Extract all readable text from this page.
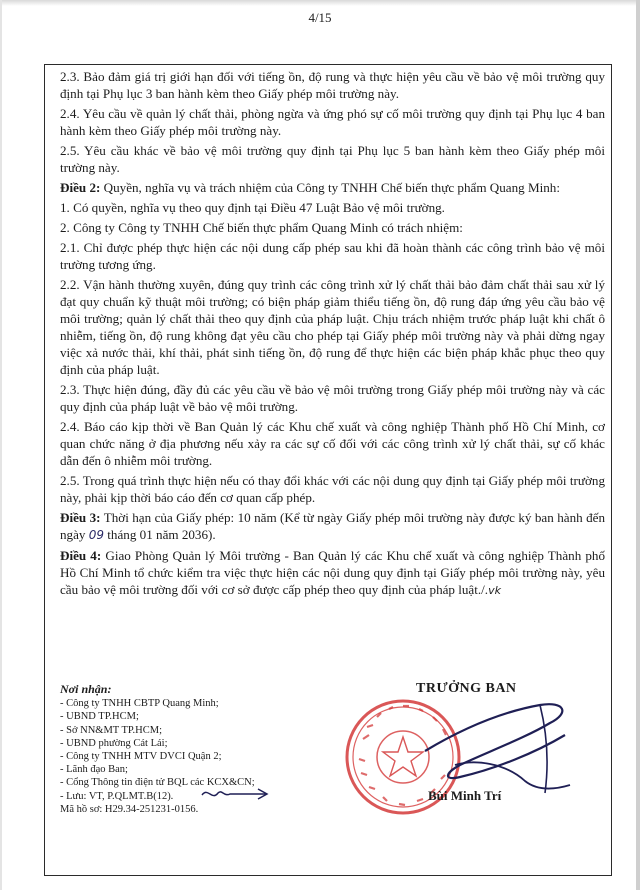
4/15

2.3. Bảo đảm giá trị giới hạn đối với tiếng ồn, độ rung và thực hiện yêu cầu về bảo vệ môi trường quy định tại Phụ lục 3 ban hành kèm theo Giấy phép môi trường này.

2.4. Yêu cầu về quản lý chất thải, phòng ngừa và ứng phó sự cố môi trường quy định tại Phụ lục 4 ban hành kèm theo Giấy phép môi trường này.

2.5. Yêu cầu khác về bảo vệ môi trường quy định tại Phụ lục 5 ban hành kèm theo Giấy phép môi trường này.

Điều 2: Quyền, nghĩa vụ và trách nhiệm của Công ty TNHH Chế biến thực phẩm Quang Minh:

1. Có quyền, nghĩa vụ theo quy định tại Điều 47 Luật Bảo vệ môi trường.

2. Công ty Công ty TNHH Chế biến thực phẩm Quang Minh có trách nhiệm:

2.1. Chỉ được phép thực hiện các nội dung cấp phép sau khi đã hoàn thành các công trình bảo vệ môi trường tương ứng.

2.2. Vận hành thường xuyên, đúng quy trình các công trình xử lý chất thải bảo đảm chất thải sau xử lý đạt quy chuẩn kỹ thuật môi trường; có biện pháp giảm thiểu tiếng ồn, độ rung đáp ứng yêu cầu bảo vệ môi trường; quản lý chất thải theo quy định của pháp luật. Chịu trách nhiệm trước pháp luật khi chất ô nhiễm, tiếng ồn, độ rung không đạt yêu cầu cho phép tại Giấy phép môi trường này và phải dừng ngay việc xả nước thải, khí thải, phát sinh tiếng ồn, độ rung để thực hiện các biện pháp khắc phục theo quy định của pháp luật.

2.3. Thực hiện đúng, đầy đủ các yêu cầu về bảo vệ môi trường trong Giấy phép môi trường này và các quy định của pháp luật về bảo vệ môi trường.

2.4. Báo cáo kịp thời về Ban Quản lý các Khu chế xuất và công nghiệp Thành phố Hồ Chí Minh, cơ quan chức năng ở địa phương nếu xảy ra các sự cố đối với các công trình xử lý chất thải, sự cố khác dẫn đến ô nhiễm môi trường.

2.5. Trong quá trình thực hiện nếu có thay đổi khác với các nội dung quy định tại Giấy phép môi trường này, phải kịp thời báo cáo đến cơ quan cấp phép.

Điều 3: Thời hạn của Giấy phép: 10 năm (Kể từ ngày Giấy phép môi trường này được ký ban hành đến ngày 09 tháng 01 năm 2036).

Điều 4: Giao Phòng Quản lý Môi trường - Ban Quản lý các Khu chế xuất và công nghiệp Thành phố Hồ Chí Minh tổ chức kiểm tra việc thực hiện các nội dung quy định tại Giấy phép môi trường này, yêu cầu bảo vệ môi trường đối với cơ sở được cấp phép theo quy định của pháp luật./.vk

Nơi nhận:
- Công ty TNHH CBTP Quang Minh;
- UBND TP.HCM;
- Sở NN&MT TP.HCM;
- UBND phường Cát Lái;
- Công ty TNHH MTV DVCI Quận 2;
- Lãnh đạo Ban;
- Cổng Thông tin điện tử BQL các KCX&CN;
- Lưu: VT, P.QLMT.B(12).
Mã hồ sơ: H29.34-251231-0156.
TRƯỞNG BAN
Bùi Minh Trí
